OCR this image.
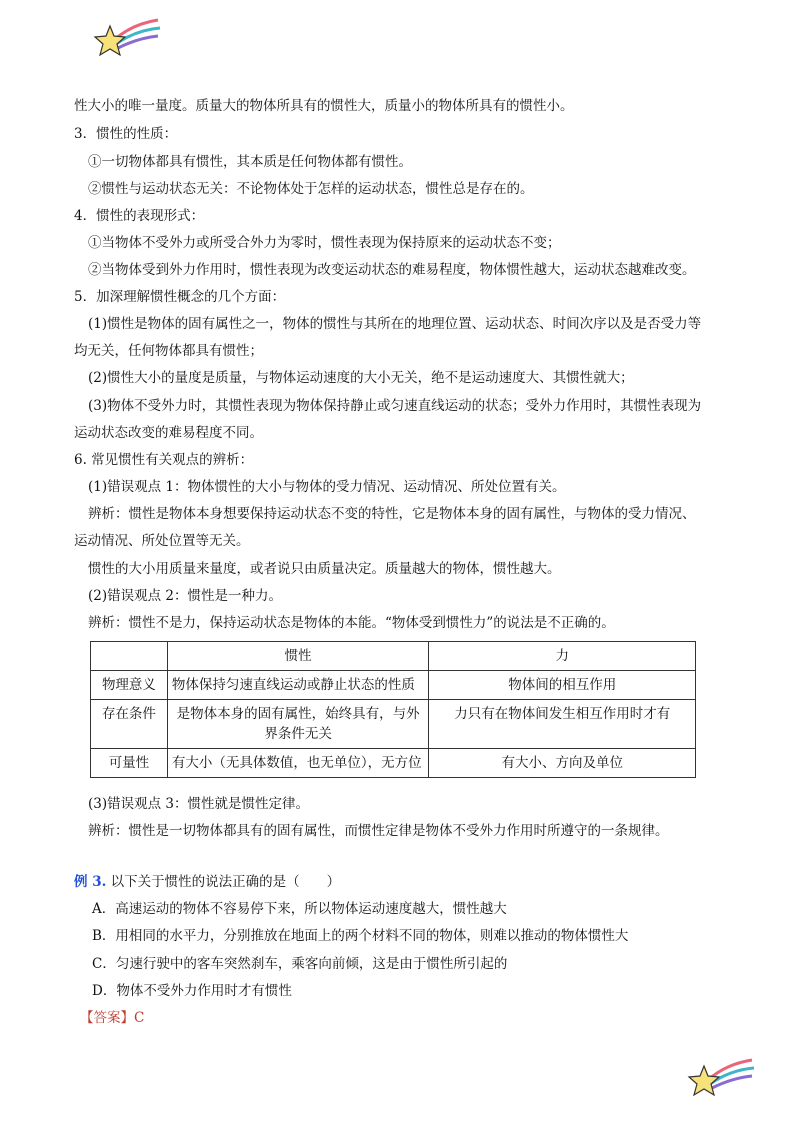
性大小的唯一量度。质量大的物体所具有的惯性大，质量小的物体所具有的惯性小。
3．惯性的性质：
①一切物体都具有惯性，其本质是任何物体都有惯性。
②惯性与运动状态无关：不论物体处于怎样的运动状态，惯性总是存在的。
4．惯性的表现形式：
①当物体不受外力或所受合外力为零时，惯性表现为保持原来的运动状态不变；
②当物体受到外力作用时，惯性表现为改变运动状态的难易程度，物体惯性越大，运动状态越难改变。
5．加深理解惯性概念的几个方面：
(1)惯性是物体的固有属性之一，物体的惯性与其所在的地理位置、运动状态、时间次序以及是否受力等
均无关，任何物体都具有惯性；
(2)惯性大小的量度是质量，与物体运动速度的大小无关，绝不是运动速度大、其惯性就大；
(3)物体不受外力时，其惯性表现为物体保持静止或匀速直线运动的状态；受外力作用时，其惯性表现为
运动状态改变的难易程度不同。
6. 常见惯性有关观点的辨析：
(1)错误观点 1：物体惯性的大小与物体的受力情况、运动情况、所处位置有关。
辨析：惯性是物体本身想要保持运动状态不变的特性，它是物体本身的固有属性，与物体的受力情况、
运动情况、所处位置等无关。
惯性的大小用质量来量度，或者说只由质量决定。质量越大的物体，惯性越大。
(2)错误观点 2：惯性是一种力。
辨析：惯性不是力，保持运动状态是物体的本能。“物体受到惯性力”的说法是不正确的。
	惯性	力
物理意义	物体保持匀速直线运动或静止状态的性质	物体间的相互作用
存在条件	是物体本身的固有属性，始终具有，与外界条件无关	力只有在物体间发生相互作用时才有
可量性	有大小（无具体数值，也无单位），无方位	有大小、方向及单位
(3)错误观点 3：惯性就是惯性定律。
辨析：惯性是一切物体都具有的固有属性，而惯性定律是物体不受外力作用时所遵守的一条规律。
例 3. 以下关于惯性的说法正确的是（　　）
A．高速运动的物体不容易停下来，所以物体运动速度越大，惯性越大
B．用相同的水平力，分别推放在地面上的两个材料不同的物体，则难以推动的物体惯性大
C．匀速行驶中的客车突然刹车，乘客向前倾，这是由于惯性所引起的
D．物体不受外力作用时才有惯性
【答案】C
